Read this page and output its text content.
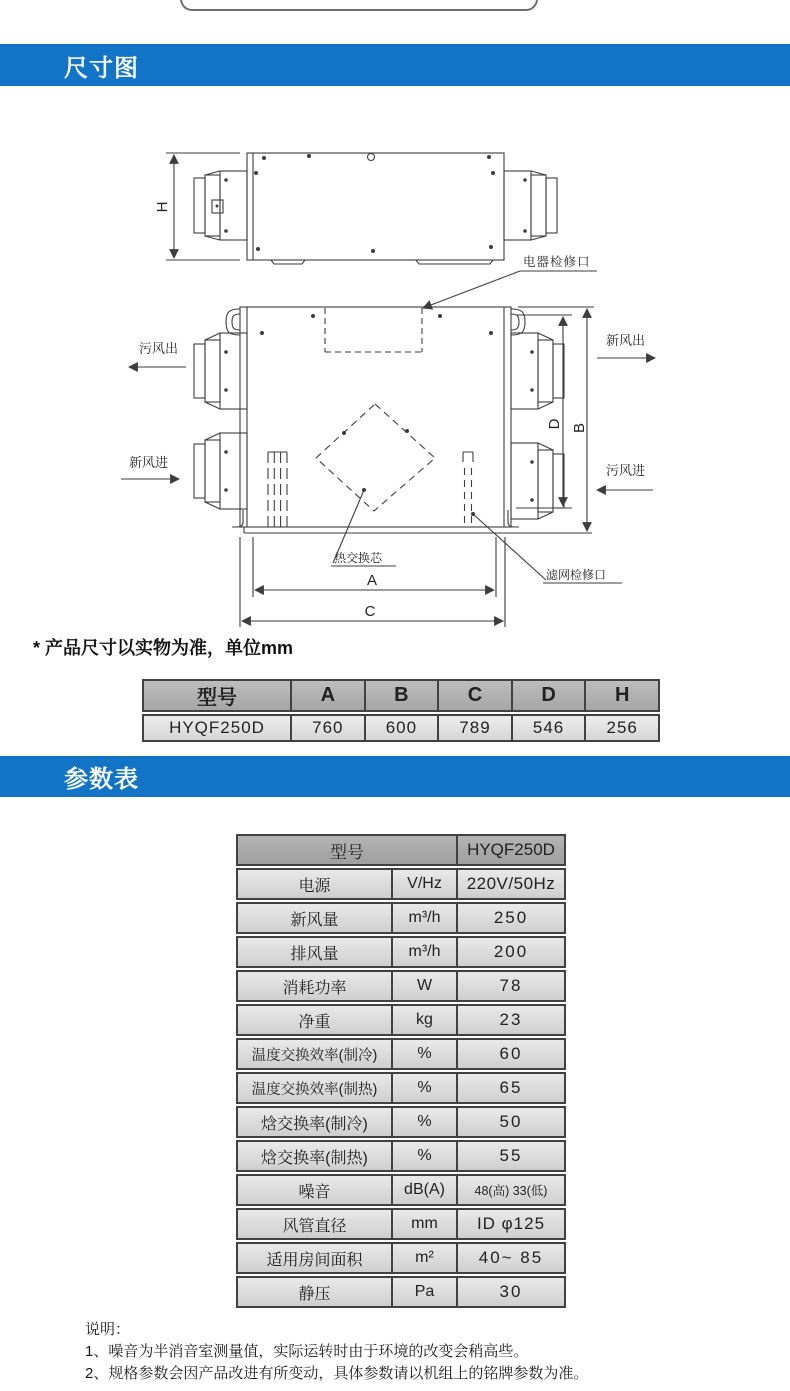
尺寸图
H
电器检修口
污风出
新风进
新风出
污风进
D B
A
C
热交换芯
滤网检修口
* 产品尺寸以实物为准，单位mm
型号	A	B	C	D	H
HYQF250D	760	600	789	546	256
参数表
型号		HYQF250D
电源	V/Hz	220V/50Hz
新风量	m³/h	250
排风量	m³/h	200
消耗功率	W	78
净重	kg	23
温度交换效率(制冷)	%	60
温度交换效率(制热)	%	65
焓交换率(制冷)	%	50
焓交换率(制热)	%	55
噪音	dB(A)	48(高) 33(低)
风管直径	mm	ID φ125
适用房间面积	m²	40~ 85
静压	Pa	30
说明：
1、噪音为半消音室测量值，实际运转时由于环境的改变会稍高些。
2、规格参数会因产品改进有所变动，具体参数请以机组上的铭牌参数为准。
